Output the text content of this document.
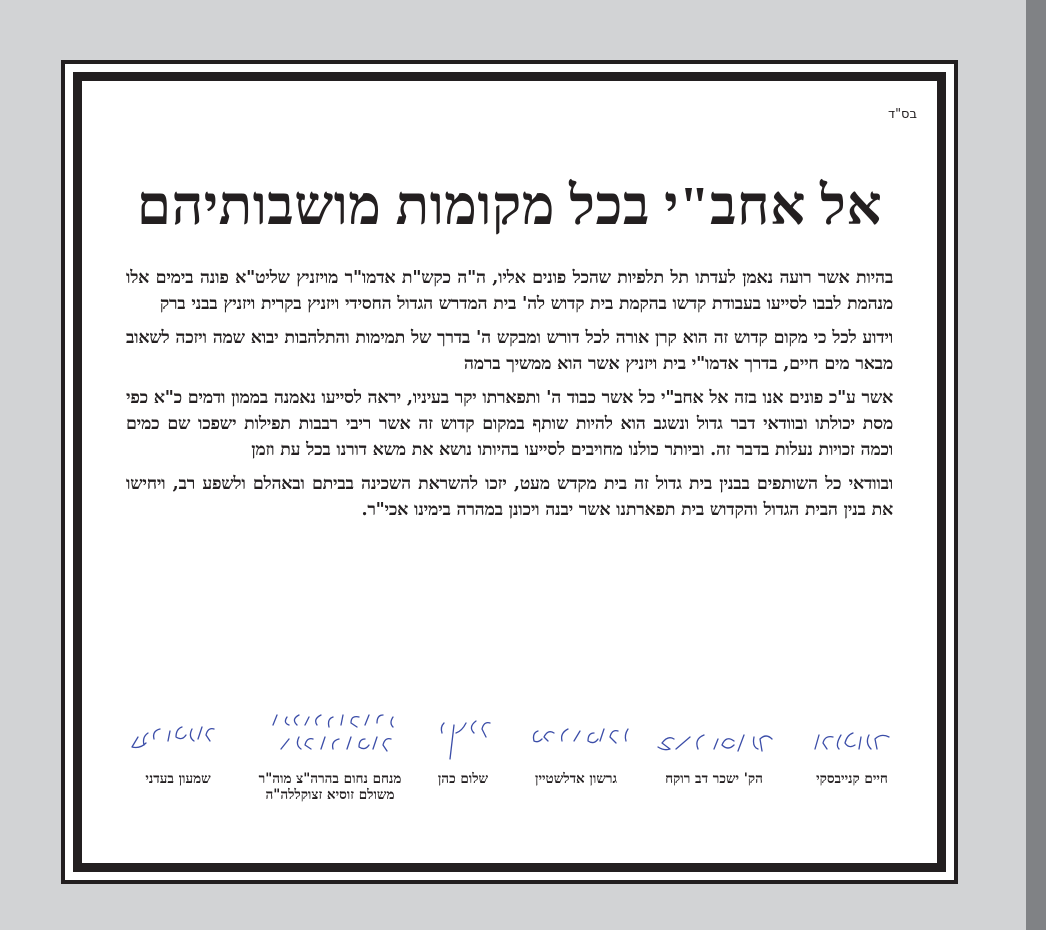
בס"ד
אל אחב"י בכל מקומות מושבותיהם

בהיות אשר רועה נאמן לעדתו תל תלפיות שהכל פונים אליו, ה"ה כקש"ת אדמו"ר מויזניץ שליט"א פונה בימים אלו מנהמת לבבו לסייעו בעבודת קדשו בהקמת בית קדוש לה' בית המדרש הגדול החסידי ויזניץ בקרית ויזניץ בבני ברק

וידוע לכל כי מקום קדוש זה הוא קרן אורה לכל דורש ומבקש ה' בדרך של תמימות והתלהבות יבוא שמה ויזכה לשאוב מבאר מים חיים, בדרך אדמו"י בית ויזניץ אשר הוא ממשיך ברמה

אשר ע"כ פונים אנו בזה אל אחב"י כל אשר כבוד ה' ותפארתו יקר בעיניו, יראה לסייעו נאמנה בממון ודמים כ"א כפי מסת יכולתו ובוודאי דבר גדול ונשגב הוא להיות שותף במקום קדוש זה אשר ריבי רבבות תפילות ישפכו שם כמים וכמה זכויות נעלות בדבר זה. וביותר כולנו מחויבים לסייעו בהיותו נושא את משא דורנו בכל עת וזמן

ובוודאי כל השותפים בבנין בית גדול זה בית מקדש מעט, יזכו להשראת השכינה בביתם ובאהלם ולשפע רב, ויחישו את בנין הבית הגדול והקדוש בית תפארתנו אשר יבנה ויכונן במהרה בימינו אכי"ר.

חיים קנייבסקי
הק' ישכר דב רוקח
גרשון אדלשטיין
שלום כהן
מנחם נחום בהרה"צ מוה"ר משולם זוסיא זצוקללה"ה
שמעון בעדני
